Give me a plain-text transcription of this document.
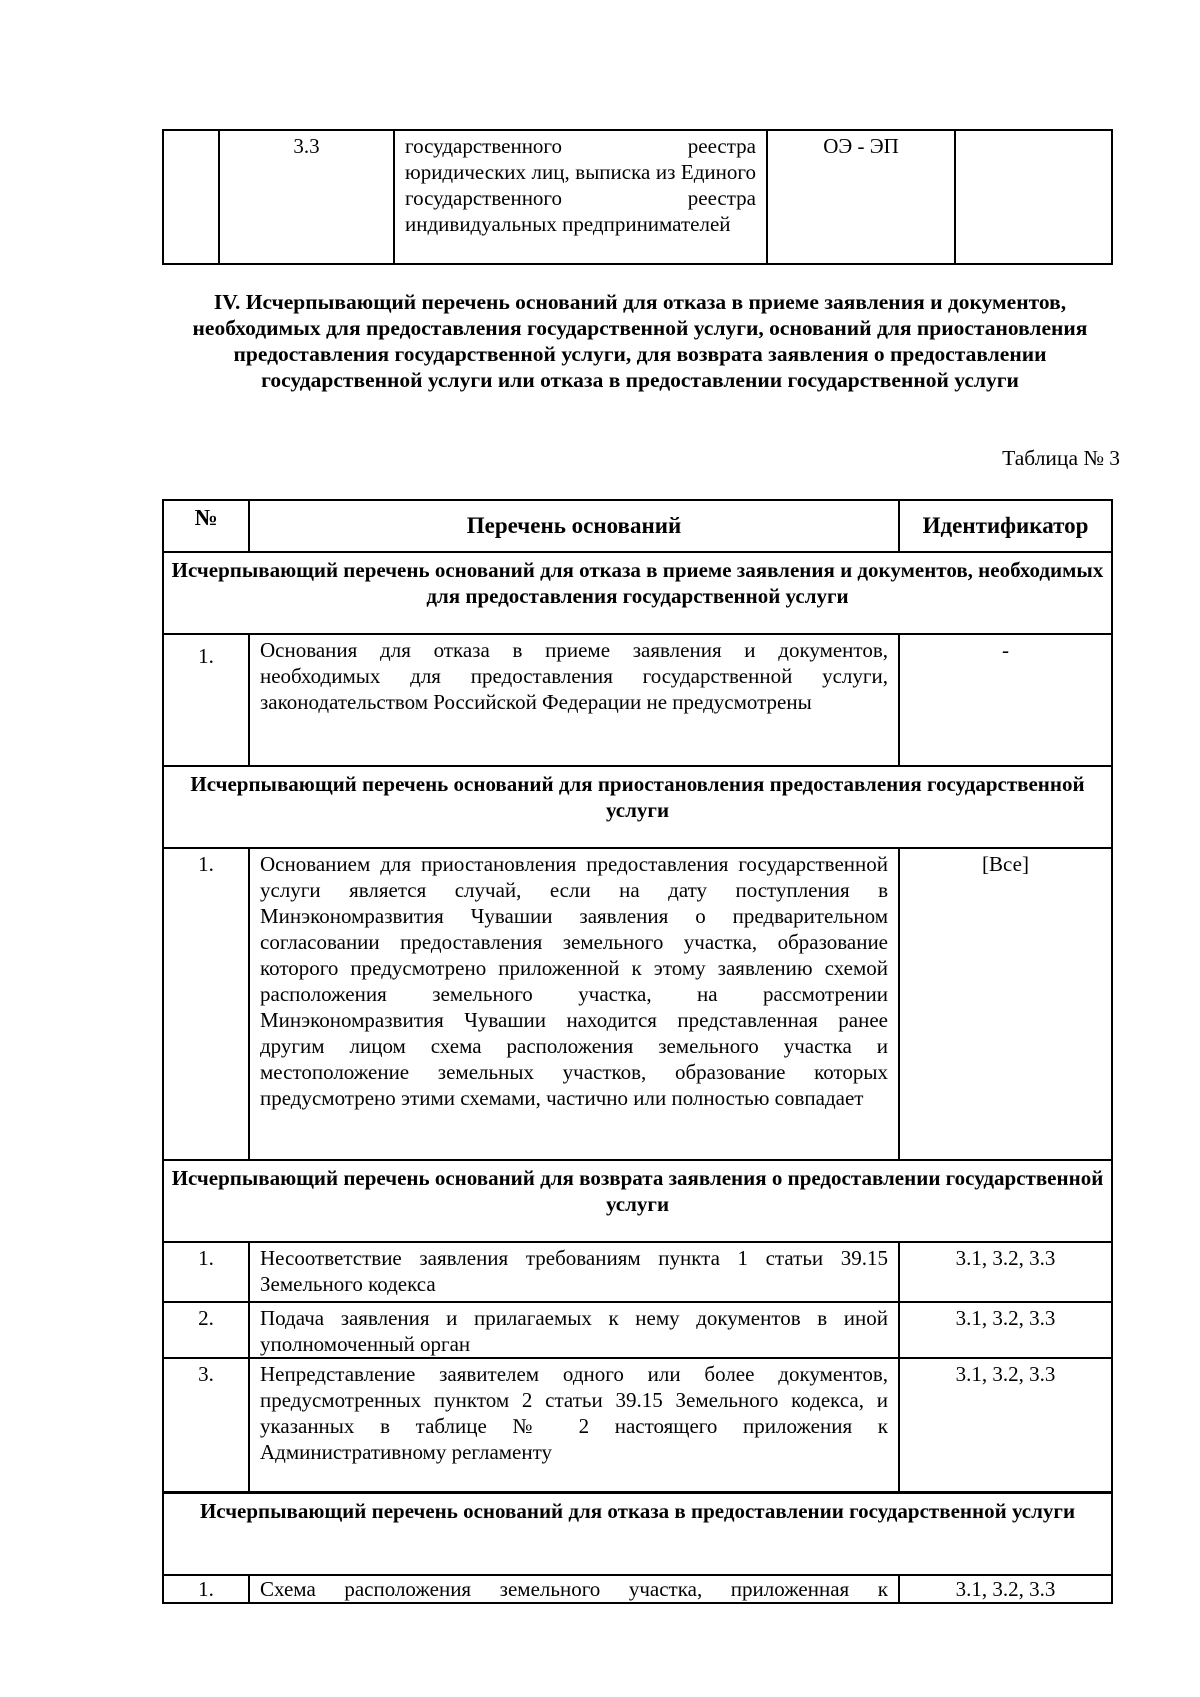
	3.3	государственного реестра юридических лиц, выписка из Единого государственного реестра индивидуальных предпринимателей	ОЭ - ЭП	
IV. Исчерпывающий перечень оснований для отказа в приеме заявления и документов, необходимых для предоставления государственной услуги, оснований для приостановления предоставления государственной услуги, для возврата заявления о предоставлении государственной услуги или отказа в предоставлении государственной услуги
Таблица № 3
№	Перечень оснований	Идентификатор
Исчерпывающий перечень оснований для отказа в приеме заявления и документов, необходимых для предоставления государственной услуги		
1.	Основания для отказа в приеме заявления и документов, необходимых для предоставления государственной услуги, законодательством Российской Федерации не предусмотрены	-
Исчерпывающий перечень оснований для приостановления предоставления государственной услуги		
1.	Основанием для приостановления предоставления государственной услуги является случай, если на дату поступления в Минэкономразвития Чувашии заявления о предварительном согласовании предоставления земельного участка, образование которого предусмотрено приложенной к этому заявлению схемой расположения земельного участка, на рассмотрении Минэкономразвития Чувашии находится представленная ранее другим лицом схема расположения земельного участка и местоположение земельных участков, образование которых предусмотрено этими схемами, частично или полностью совпадает	[Все]
Исчерпывающий перечень оснований для возврата заявления о предоставлении государственной услуги		
1.	Несоответствие заявления требованиям пункта 1 статьи 39.15 Земельного кодекса	3.1, 3.2, 3.3
2.	Подача заявления и прилагаемых к нему документов в иной уполномоченный орган	3.1, 3.2, 3.3
3.	Непредставление заявителем одного или более документов, предусмотренных пунктом 2 статьи 39.15 Земельного кодекса, и указанных в таблице № 2 настоящего приложения к Административному регламенту	3.1, 3.2, 3.3
Исчерпывающий перечень оснований для отказа в предоставлении государственной услуги		
1.	Схема расположения земельного участка, приложенная к	3.1, 3.2, 3.3
